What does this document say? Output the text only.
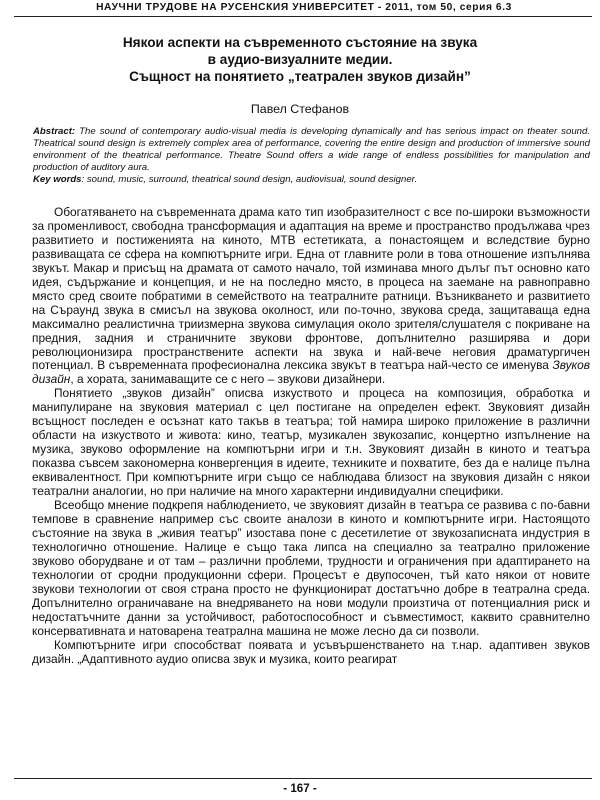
НАУЧНИ ТРУДОВЕ НА РУСЕНСКИЯ УНИВЕРСИТЕТ - 2011, том 50, серия 6.3
Някои аспекти на съвременното състояние на звука
в аудио-визуалните медии.
Същност на понятието „театрален звуков дизайн”
Павел Стефанов
Abstract: The sound of contemporary audio-visual media is developing dynamically and has serious impact on theater sound. Theatrical sound design is extremely complex area of performance, covering the entire design and production of immersive sound environment of the theatrical performance. Theatre Sound offers a wide range of endless possibilities for manipulation and production of auditory aura.
Key words: sound, music, surround, theatrical sound design, audiovisual, sound designer.

Обогатяването на съвременната драма като тип изобразителност с все по-широки възможности за променливост, свободна трансформация и адаптация на време и пространство продължава чрез развитието и постиженията на киното, МТВ естетиката, а понастоящем и вследствие бурно развиващата се сфера на компютърните игри. Една от главните роли в това отношение изпълнява звукът. Макар и присъщ на драмата от самото начало, той изминава много дълъг път основно като идея, съдържание и концепция, и не на последно място, в процеса на заемане на равноправно място сред своите побратими в семейството на театралните ратници. Възникването и развитието на Съраунд звука в смисъл на звукова околност, или по-точно, звукова среда, защитаваща една максимално реалистична триизмерна звукова симулация около зрителя/слушателя с покриване на предния, задния и страничните звукови фронтове, допълнително разширява и дори революционизира пространствените аспекти на звука и най-вече неговия драматургичен потенциал. В съвременната професионална лексика звукът в театъра най-често се именува Звуков дизайн, а хората, занимаващите се с него – звукови дизайнери.

Понятието „звуков дизайн” описва изкуството и процеса на композиция, обработка и манипулиране на звуковия материал с цел постигане на определен ефект. Звуковият дизайн всъщност последен е осъзнат като такъв в театъра; той намира широко приложение в различни области на изкуството и живота: кино, театър, музикален звукозапис, концертно изпълнение на музика, звуково оформление на компютърни игри и т.н. Звуковият дизайн в киното и театъра показва съвсем закономерна конвергенция в идеите, техниките и похватите, без да е налице пълна еквивалентност. При компютърните игри също се наблюдава близост на звуковия дизайн с някои театрални аналогии, но при наличие на много характерни индивидуални специфики.

Всеобщо мнение подкрепя наблюдението, че звуковият дизайн в театъра се развива с по-бавни темпове в сравнение например със своите аналози в киното и компютърните игри. Настоящото състояние на звука в „живия театър” изостава поне с десетилетие от звукозаписната индустрия в технологично отношение. Налице е също така липса на специално за театрално приложение звуково оборудване и от там – различни проблеми, трудности и ограничения при адаптирането на технологии от сродни продукционни сфери. Процесът е двупосочен, тъй като някои от новите звукови технологии от своя страна просто не функционират достатъчно добре в театрална среда. Допълнително ограничаване на внедряването на нови модули произтича от потенциалния риск и недостатъчните данни за устойчивост, работоспособност и съвместимост, каквито сравнително консервативната и натоварена театрална машина не може лесно да си позволи.

Компютърните игри способстват появата и усъвършенстването на т.нар. адаптивен звуков дизайн. „Адаптивното аудио описва звук и музика, които реагират

- 167 -
